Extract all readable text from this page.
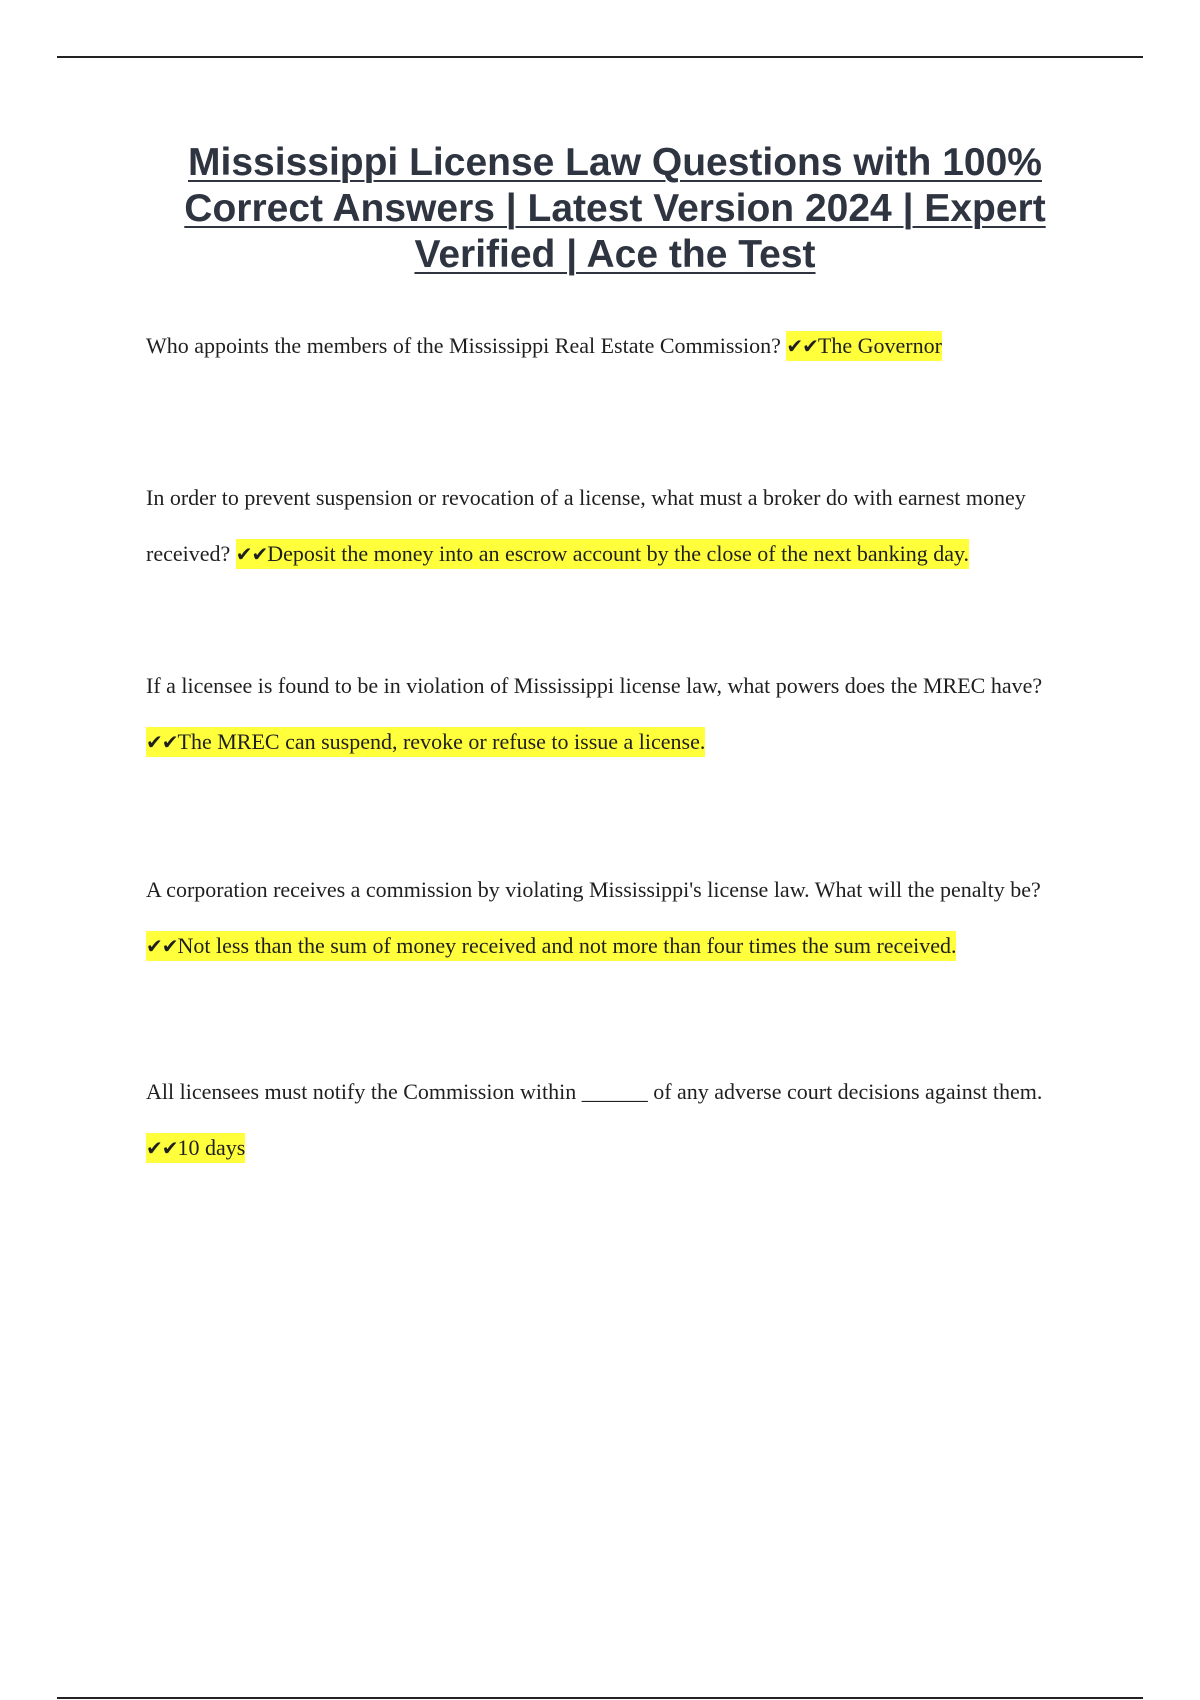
Mississippi License Law Questions with 100% Correct Answers | Latest Version 2024 | Expert Verified | Ace the Test

Who appoints the members of the Mississippi Real Estate Commission? ✔✔The Governor

In order to prevent suspension or revocation of a license, what must a broker do with earnest money received? ✔✔Deposit the money into an escrow account by the close of the next banking day.

If a licensee is found to be in violation of Mississippi license law, what powers does the MREC have? ✔✔The MREC can suspend, revoke or refuse to issue a license.

A corporation receives a commission by violating Mississippi's license law. What will the penalty be? ✔✔Not less than the sum of money received and not more than four times the sum received.

All licensees must notify the Commission within ______ of any adverse court decisions against them. ✔✔10 days
